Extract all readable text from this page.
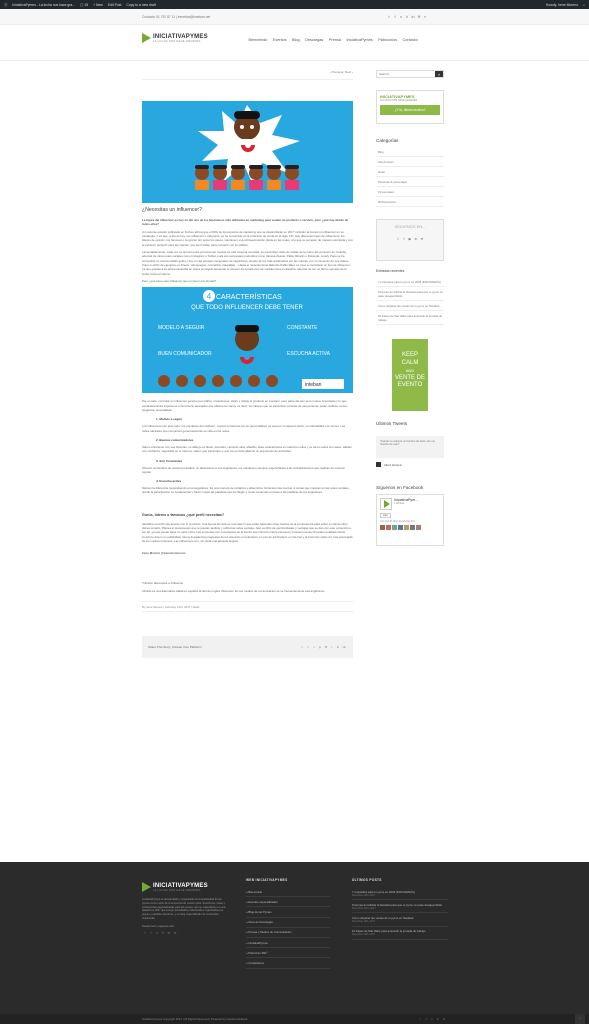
⓪ IniciativaPymes - La lucha nos hace gra... ▢ 15 + New Edit Post Copy to a new draft	Howdy, Irene Moreno ⌕
Contacto 91 792 87 11 | irenebar@inseban.net	t f v V in ≋ ⌕
INICIATIVAPYMES
LA LUCHA NOS HACE GRANDES	Bienvenido Eventos Blog Descargas Prensa IniciativaPymes Patrocinios Contacto
‹ Previous Next ›
¿Necesitas un influencer?

La figura del influencer es hoy en día uno de los fenómenos más utilizados en marketing para vender un producto o servicio, pero ¿qué hay detrás de todos ellos?

Un reciente estudio publicado en Forbes afirma que el 84% de los expertos de marketing que se desarrollarán en 2017 incluirán al menos un influencer en su estrategia. Y es que, a día de hoy, ser influencer o influyente, se ha convertido en la profesión de moda en el siglo XXI. Hay diferentes tipos de influencers: los líderes de opinión, los famosos o los gurús. En todos los casos, mantienen una sobreexposición diaria en las redes, a la que se someten de manera voluntaria y con el esfuerzo perfecto para las marcas, que les brindan para convertir con su público.

Lamentablemente, cada vez se terminó para promocionar marcas es casi ninguna novedad: se transmiten miles de visitas de la mano del consumo de Youtube, además de otras redes sociales como Instagram o Twitter, para sus personajes preferidos como Vanesa Zuanel, Pablo Alborán o Dulceida. Lovely Pepa se ha convertido en recomendado guiño y hoy en día amasan centenares de seguidores, siendo de los más reclamados por las marcas, por el comienzo de sus videos. Tras un sinfín de ejemplos en fitness, videojuegos, cosmética, maquillaje... Hasta el recientemente fallecido Pablo Ráez se puso a considerar un tipo de influencer, ya que gracias a su activa campaña en redes consiguió aumentar el número de donaciones de médula ósea en España, además de ser un férreo ejemplo de la lucha contra el cáncer.

Pero ¿qué tiene este influencer que no tienen los demás?

4 CARACTERÍSTICAS
QUE TODO INFLUENCER DEBE TENER
MODELO A SEGUIR	CONSTANTE
BUEN COMUNICADOR	ESCUCHA ACTIVA
inteban

Por un lado, controlar un influencer genera puro tráfico, impresiones, clicks y visitas al producto en cuestión, pero parte del pan se le mueve importante y lo que verdaderamente importa es el fenómeno asociativo que obtiene la marca, es decir, los valores que se transmiten a través de esa persona: poder, belleza, forma, elegancia, sensualidad...

1. Modelo a seguir

Los influencers son ante todo "los populares del instituto", marcan tendencia con su personalidad, ya sea por su aspecto físico, su naturalidad o su humor. Las redes naturales que componen generosamente su vida en las redes.

2. Buenos comunicadores

Saben entretener con sus historias, su diálogo es fluido, divertido y aportan valor añadido. Esta característica es natural en ellos y se da en todos los casos. Hablan con confianza, seguridad en sí mismos, saben que transmiten y que los permite afianzar su argumento de autoridad.

3. Son Constantes

Ofrecen contenidos de manera periódica, no abandonan a sus seguidores, los mantienen siempre enganchados a las actualizaciones que realizan de manera regular.

4. Escucha activa

Marcan la diferencia respondiendo a los seguidores. Es una manera de cuidarlos y afianzarlos. Entienden las marcas ni temas que imperan en las redes sociales, donde la participación es fundamental y hacen suyas las palabras que los llegan y crean contenido en base a las palabras de los seguidores.

Gurús, líderes o famosos ¿qué perfil necesitas?

Identifica el perfil más acorde con tu producto. Una buena fórmula es reemplar lo que están haciendo otras marcas de la competencia para saber a cuál de ellos debes tomarlo. Planea el presupuesto que te pueden dedicar y utiliza las redes sociales. Haz sentirlo de oportunidades y ventajas que se dan con este contenido a ser tal, ya que puede darte un valor extra. Las empresas son conscientes de la fuerza que cobra la marca personal y buscan nuevas fórmulas rentables donde invertir lo dinero en publicidad, tras la decadencia progresiva de los anuncios en televisión, en pos de ad blockers en internet y la inserción cada vez más acentuada de los medios impresos. Las influencers son, sin duda una apuesta segura.

Irene Moreno @irenemymoreno

*Influido: alternativa a Influencer

Influido es una alternativa válida en español al término inglés Influencer. En los medios de comunicación se ve frecuentemente esa anglicismo.

By Irene Moreno | February 23rd, 2017 | Ideas
Share This Story, Choose Your Platform!	t	f	t	p	✉	r	in	vk
Search...
⌕
INICIATIVAPYMES
LA LUCHA NOS HACE GRANDES
¿Y tú, tienes recelos?
Categorías
Blog
Storyhunters
Ideas
Personas & personajes
Pymes-sales
#CitizenActiva
SÍGUENOS EN...
t f ▶ in ≋
Entradas recientes
7 propósitos para tu pyme en 2018 [INFOGRAFÍA]
9 formas de felicitar la Navidad para que tu pyme no pase desapercibida
Cómo disparar las ventas de tu pyme en Navidad
10 frases de Star Wars para amenizar la jornada de trabajo
KEEP
CALM
AND
VENTE DE
EVENTO
Últimos Tweets
"Intente no volverte un hombre de éxito, sino un hombre de valor"
Albert Einstein
Síguenos en Facebook
IniciativaPym...
1.2K likes
Like
You and 20 other friends like this
INICIATIVAPYMES
LA LUCHA NOS HACE GRANDES

IniciativaPymes es desarrollado y organizado la competitividad de las pymes como motor de la economía de nuestro país. Soluciones, ideas y conferencias especializadas para las pymes, que se materializan en una plataforma 360º que incluye actividades profesionales organizadas por pymes y partidos directivos, y un blog especializado de contenidos multimedia.

Puedes leer y sígueme acá:

t f v V in ≋
WEB INICIATIVAPYMES
» Bienvenido
» Eventos especializados
» Blog de las Pymes
» Zona de Descargas
» Prensa y Medios de Comunicación
» IniciativaPymes
» Patrocinio 360º
» Contáctanos
ÚLTIMOS POSTS
7 propósitos para tu pyme en 2018 [INFOGRAFÍA]
December 29th, 2017
9 formas de felicitar la Navidad para que tu pyme no pase desapercibida
December 22nd, 2017
Cómo disparar las ventas de tu pyme en Navidad
December 19th, 2017
10 frases de Star Wars para amenizar la jornada de trabajo
December 15th, 2017
Iniciativa Pymes Copyright 2014 | All Rights Reserved | Powered by Inseban Network	t f v in ≋	⌃
